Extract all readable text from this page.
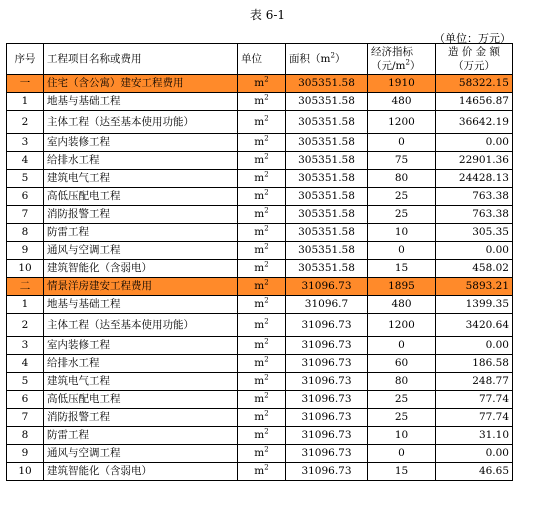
表 6-1
（单位：万元）
序号	工程项目名称或费用	单位	面积$(m^2)$	经济指标（元$/m^2$）	造 价 金 额（万元）
一	住宅（含公寓）建安工程费用	$m^2$	305351.58	1910	58322.15
1	地基与基础工程	$m^2$	305351.58	480	14656.87
2	主体工程（达至基本使用功能）	$m^2$	305351.58	1200	36642.19
3	室内装修工程	$m^2$	305351.58	0	0.00
4	给排水工程	$m^2$	305351.58	75	22901.36
5	建筑电气工程	$m^2$	305351.58	80	24428.13
6	高低压配电工程	$m^2$	305351.58	25	763.38
7	消防报警工程	$m^2$	305351.58	25	763.38
8	防雷工程	$m^2$	305351.58	10	305.35
9	通风与空调工程	$m^2$	305351.58	0	0.00
10	建筑智能化（含弱电）	$m^2$	305351.58	15	458.02
二	情景洋房建安工程费用	$m^2$	31096.73	1895	5893.21
1	地基与基础工程	$m^2$	31096.7	480	1399.35
2	主体工程（达至基本使用功能）	$m^2$	31096.73	1200	3420.64
3	室内装修工程	$m^2$	31096.73	0	0.00
4	给排水工程	$m^2$	31096.73	60	186.58
5	建筑电气工程	$m^2$	31096.73	80	248.77
6	高低压配电工程	$m^2$	31096.73	25	77.74
7	消防报警工程	$m^2$	31096.73	25	77.74
8	防雷工程	$m^2$	31096.73	10	31.10
9	通风与空调工程	$m^2$	31096.73	0	0.00
10	建筑智能化（含弱电）	$m^2$	31096.73	15	46.65
